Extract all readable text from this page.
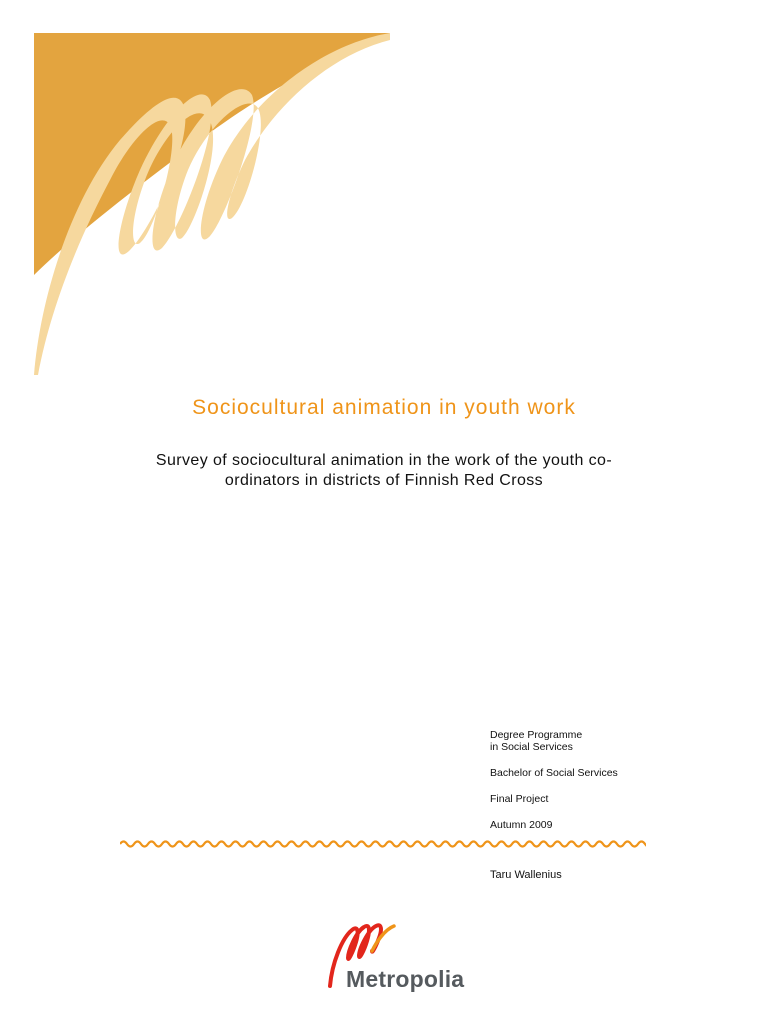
Sociocultural animation in youth work

Survey of sociocultural animation in the work of the youth co-
ordinators in districts of Finnish Red Cross

Degree Programme
in Social Services
Bachelor of Social Services
Final Project
Autumn 2009
Taru Wallenius
Metropolia
